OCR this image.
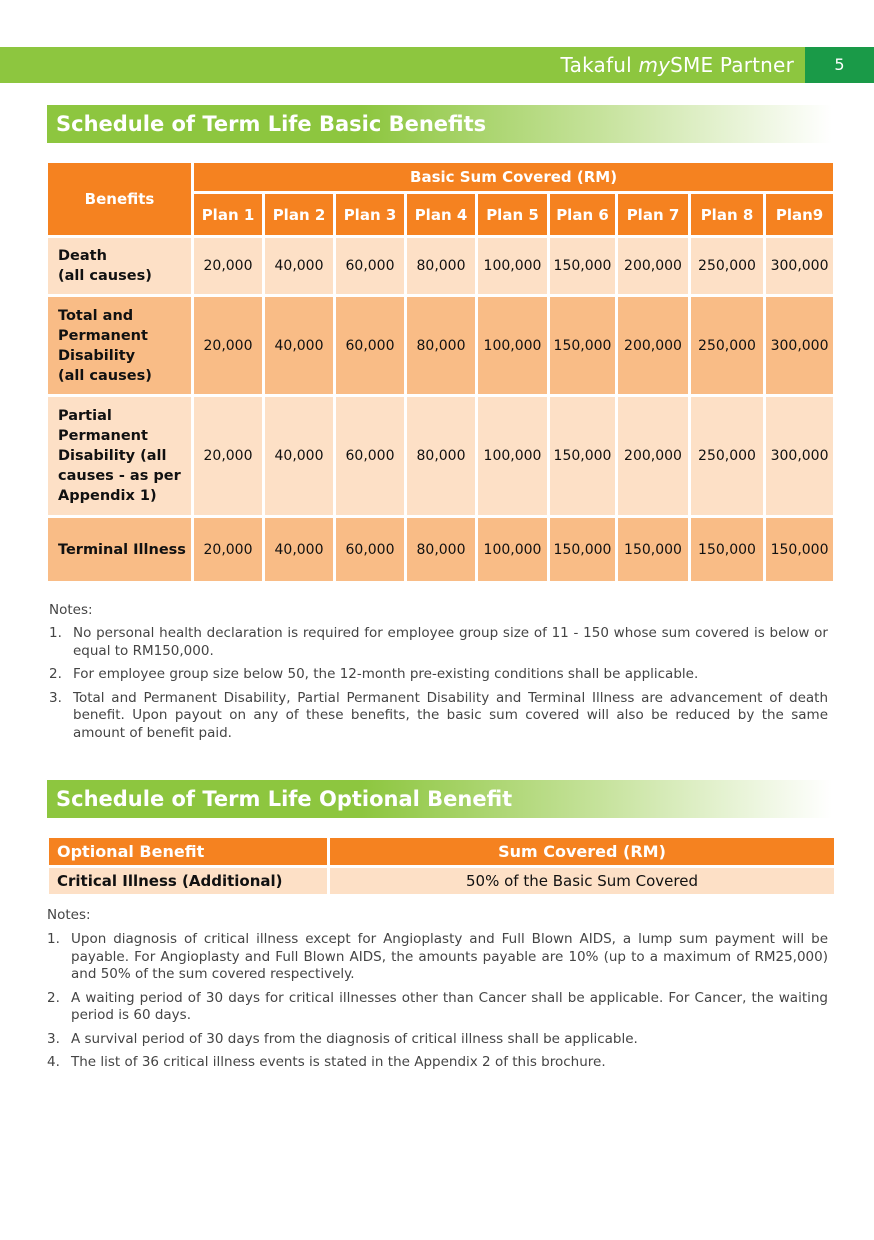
Takaful mySME Partner	5
Schedule of Term Life Basic Benefits
Benefits	Basic Sum Covered (RM)								
	Plan 1	Plan 2	Plan 3	Plan 4	Plan 5	Plan 6	Plan 7	Plan 8	Plan9

Death
(all causes)	20,000	40,000	60,000	80,000	100,000	150,000	200,000	250,000	300,000

Total and
Permanent
Disability
(all causes)	20,000	40,000	60,000	80,000	100,000	150,000	200,000	250,000	300,000

Partial
Permanent
Disability (all
causes - as per
Appendix 1)	20,000	40,000	60,000	80,000	100,000	150,000	200,000	250,000	300,000

Terminal Illness	20,000	40,000	60,000	80,000	100,000	150,000	150,000	150,000	150,000
Notes:
1. No personal health declaration is required for employee group size of 11 - 150 whose sum covered is below or equal to RM150,000.
2. For employee group size below 50, the 12-month pre-existing conditions shall be applicable.
3. Total and Permanent Disability, Partial Permanent Disability and Terminal Illness are advancement of death benefit. Upon payout on any of these benefits, the basic sum covered will also be reduced by the same amount of benefit paid.
Schedule of Term Life Optional Benefit
Optional Benefit	Sum Covered (RM)
Critical Illness (Additional)	50% of the Basic Sum Covered
Notes:
1. Upon diagnosis of critical illness except for Angioplasty and Full Blown AIDS, a lump sum payment will be payable. For Angioplasty and Full Blown AIDS, the amounts payable are 10% (up to a maximum of RM25,000) and 50% of the sum covered respectively.
2. A waiting period of 30 days for critical illnesses other than Cancer shall be applicable. For Cancer, the waiting period is 60 days.
3. A survival period of 30 days from the diagnosis of critical illness shall be applicable.
4. The list of 36 critical illness events is stated in the Appendix 2 of this brochure.
